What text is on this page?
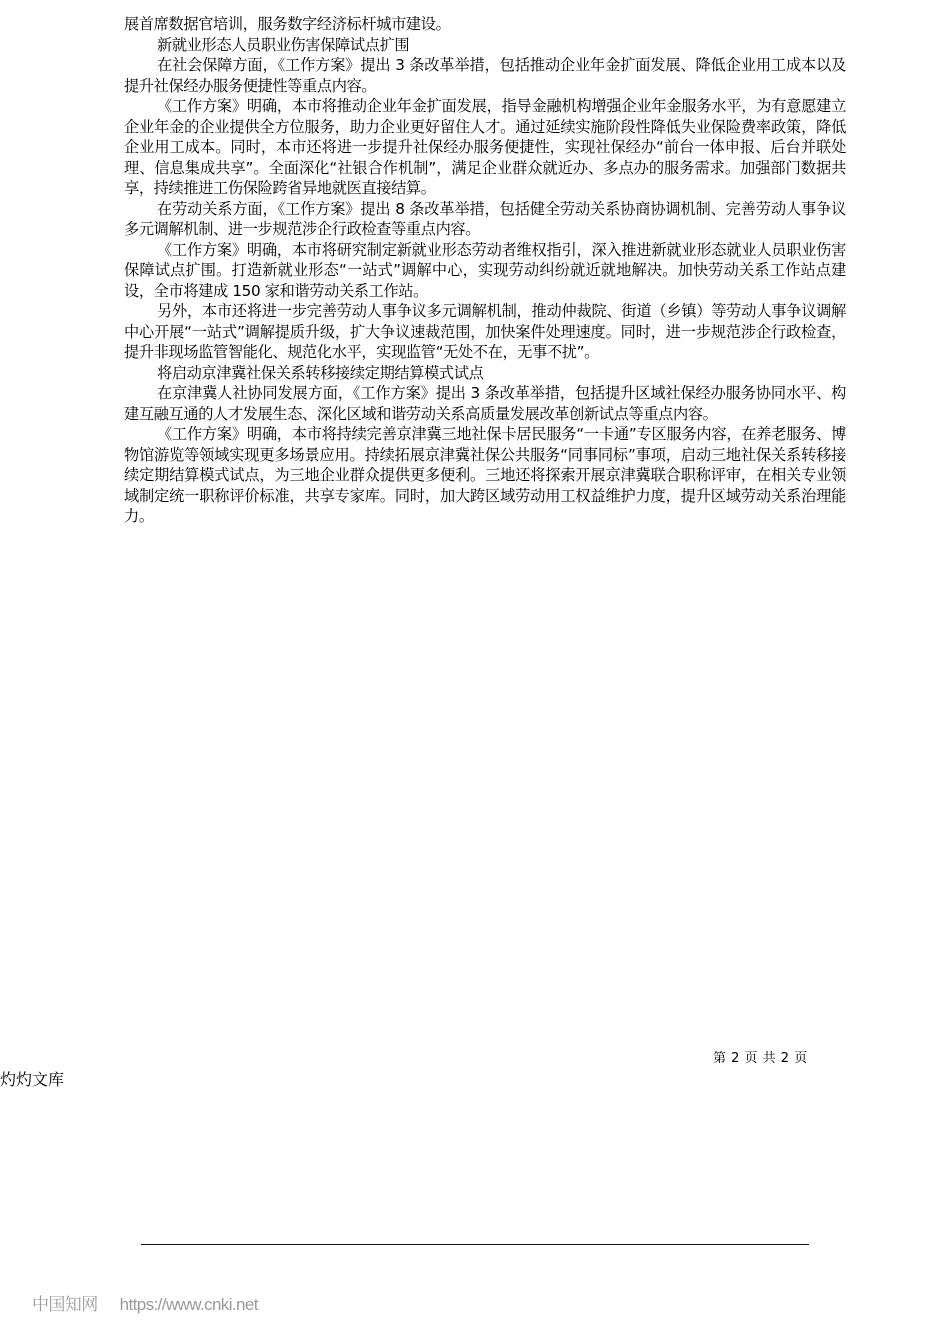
展首席数据官培训，服务数字经济标杆城市建设。

新就业形态人员职业伤害保障试点扩围

在社会保障方面，《工作方案》提出 3 条改革举措，包括推动企业年金扩面发展、降低企业用工成本以及提升社保经办服务便捷性等重点内容。

《工作方案》明确，本市将推动企业年金扩面发展，指导金融机构增强企业年金服务水平，为有意愿建立企业年金的企业提供全方位服务，助力企业更好留住人才。通过延续实施阶段性降低失业保险费率政策，降低企业用工成本。同时，本市还将进一步提升社保经办服务便捷性，实现社保经办“前台一体申报、后台并联处理、信息集成共享”。全面深化“社银合作机制”，满足企业群众就近办、多点办的服务需求。加强部门数据共享，持续推进工伤保险跨省异地就医直接结算。

在劳动关系方面，《工作方案》提出 8 条改革举措，包括健全劳动关系协商协调机制、完善劳动人事争议多元调解机制、进一步规范涉企行政检查等重点内容。

《工作方案》明确，本市将研究制定新就业形态劳动者维权指引，深入推进新就业形态就业人员职业伤害保障试点扩围。打造新就业形态“一站式”调解中心，实现劳动纠纷就近就地解决。加快劳动关系工作站点建设，全市将建成 150 家和谐劳动关系工作站。

另外，本市还将进一步完善劳动人事争议多元调解机制，推动仲裁院、街道（乡镇）等劳动人事争议调解中心开展“一站式”调解提质升级，扩大争议速裁范围，加快案件处理速度。同时，进一步规范涉企行政检查，提升非现场监管智能化、规范化水平，实现监管“无处不在，无事不扰”。

将启动京津冀社保关系转移接续定期结算模式试点

在京津冀人社协同发展方面，《工作方案》提出 3 条改革举措，包括提升区域社保经办服务协同水平、构建互融互通的人才发展生态、深化区域和谐劳动关系高质量发展改革创新试点等重点内容。

《工作方案》明确，本市将持续完善京津冀三地社保卡居民服务“一卡通”专区服务内容，在养老服务、博物馆游览等领域实现更多场景应用。持续拓展京津冀社保公共服务“同事同标”事项，启动三地社保关系转移接续定期结算模式试点，为三地企业群众提供更多便利。三地还将探索开展京津冀联合职称评审，在相关专业领域制定统一职称评价标准，共享专家库。同时，加大跨区域劳动用工权益维护力度，提升区域劳动关系治理能力。

第 2 页 共 2 页
灼灼文库
中国知网 https://www.cnki.net
